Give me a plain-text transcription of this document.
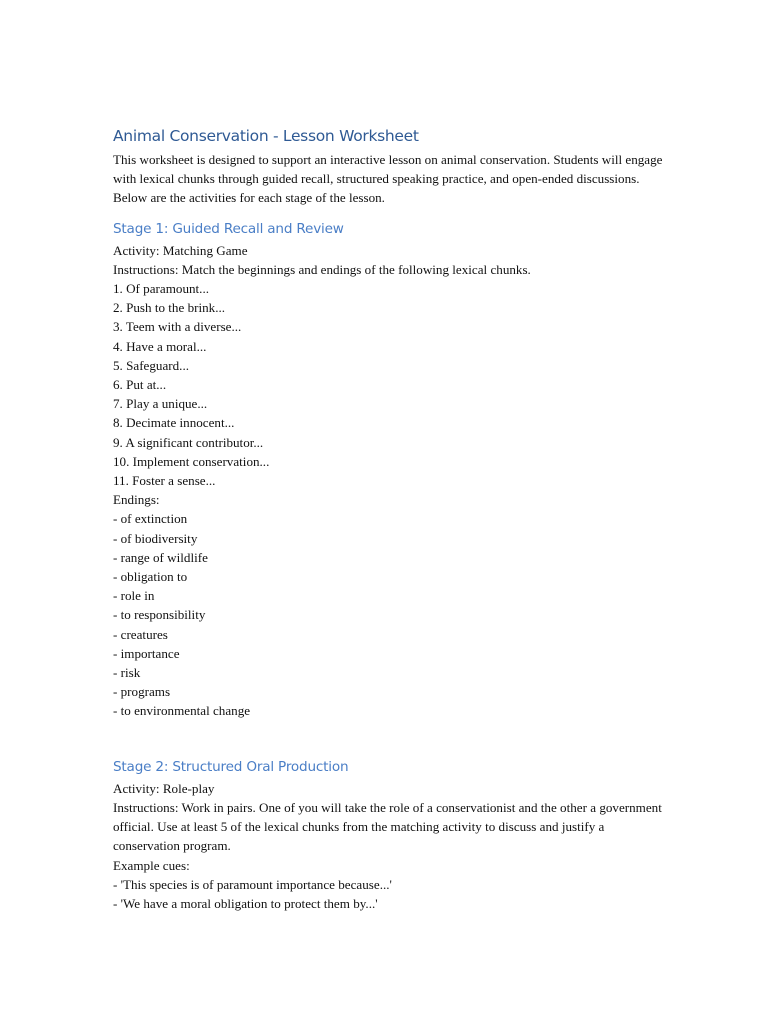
Animal Conservation - Lesson Worksheet
This worksheet is designed to support an interactive lesson on animal conservation. Students will engage with lexical chunks through guided recall, structured speaking practice, and open-ended discussions. Below are the activities for each stage of the lesson.
Stage 1: Guided Recall and Review
Activity: Matching Game
Instructions: Match the beginnings and endings of the following lexical chunks.
1. Of paramount...
2. Push to the brink...
3. Teem with a diverse...
4. Have a moral...
5. Safeguard...
6. Put at...
7. Play a unique...
8. Decimate innocent...
9. A significant contributor...
10. Implement conservation...
11. Foster a sense...
Endings:
- of extinction
- of biodiversity
- range of wildlife
- obligation to
- role in
- to responsibility
- creatures
- importance
- risk
- programs
- to environmental change
Stage 2: Structured Oral Production
Activity: Role-play
Instructions: Work in pairs. One of you will take the role of a conservationist and the other a government official. Use at least 5 of the lexical chunks from the matching activity to discuss and justify a conservation program.
Example cues:
- 'This species is of paramount importance because...'
- 'We have a moral obligation to protect them by...'
